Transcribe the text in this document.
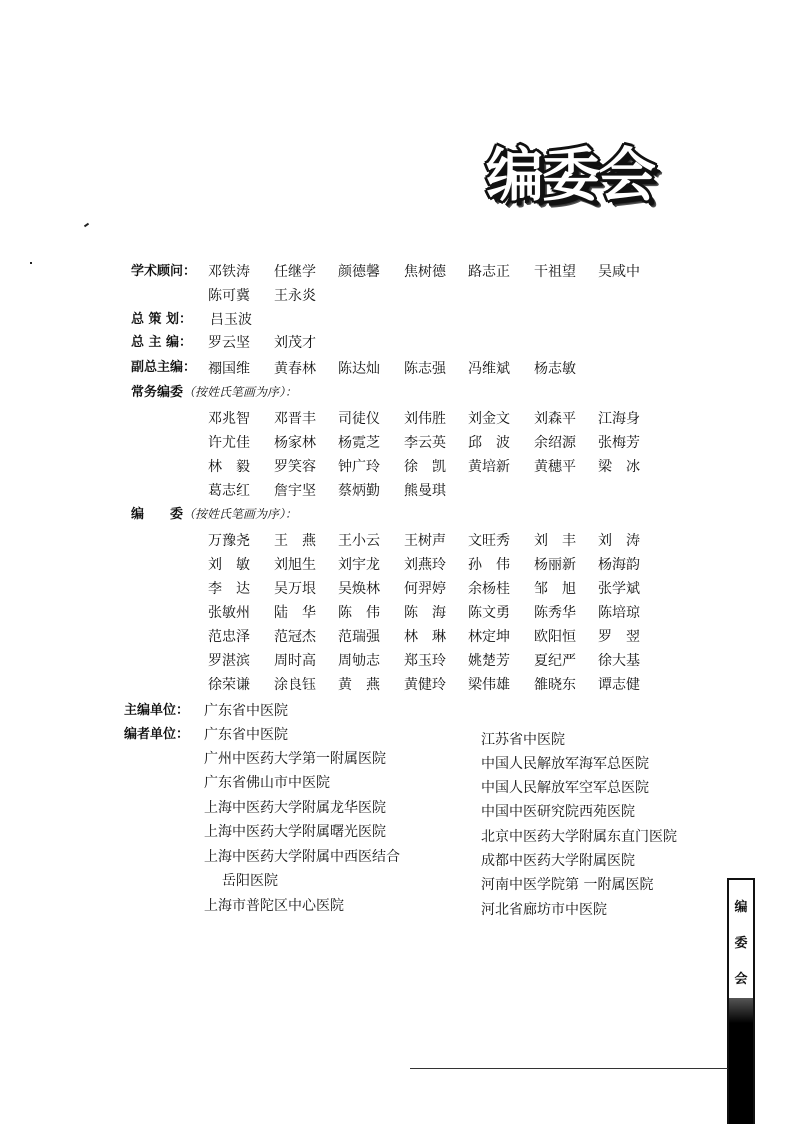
编委会
学术顾问： 邓铁涛	任继学	颜德馨	焦树德	路志正	干祖望	吴咸中
陈可冀	王永炎
总 策 划： 吕玉波
总 主 编： 罗云坚	刘茂才
副总主编： 禤国维	黄春林	陈达灿	陈志强	冯维斌	杨志敏
常务编委（按姓氏笔画为序）：
邓兆智	邓晋丰	司徒仪	刘伟胜	刘金文	刘森平	江海身
许尤佳	杨家林	杨霓芝	李云英	邱　波	余绍源	张梅芳
林　毅	罗笑容	钟广玲	徐　凯	黄培新	黄穗平	梁　冰
葛志红	詹宇坚	蔡炳勤	熊曼琪
编　　委（按姓氏笔画为序）：
万豫尧	王　燕	王小云	王树声	文旺秀	刘　丰	刘　涛
刘　敏	刘旭生	刘宇龙	刘燕玲	孙　伟	杨丽新	杨海韵
李　达	吴万垠	吴焕林	何羿婷	余杨桂	邹　旭	张学斌
张敏州	陆　华	陈　伟	陈　海	陈文勇	陈秀华	陈培琼
范忠泽	范冠杰	范瑞强	林　琳	林定坤	欧阳恒	罗　翌
罗湛滨	周时高	周劬志	郑玉玲	姚楚芳	夏纪严	徐大基
徐荣谦	涂良钰	黄　燕	黄健玲	梁伟雄	雒晓东	谭志健
主编单位： 广东省中医院
编者单位： 广东省中医院
广州中医药大学第一附属医院
广东省佛山市中医院
上海中医药大学附属龙华医院
上海中医药大学附属曙光医院
上海中医药大学附属中西医结合
岳阳医院
上海市普陀区中心医院
江苏省中医院
中国人民解放军海军总医院
中国人民解放军空军总医院
中国中医研究院西苑医院
北京中医药大学附属东直门医院
成都中医药大学附属医院
河南中医学院第 一附属医院
河北省廊坊市中医院	编
委
会
